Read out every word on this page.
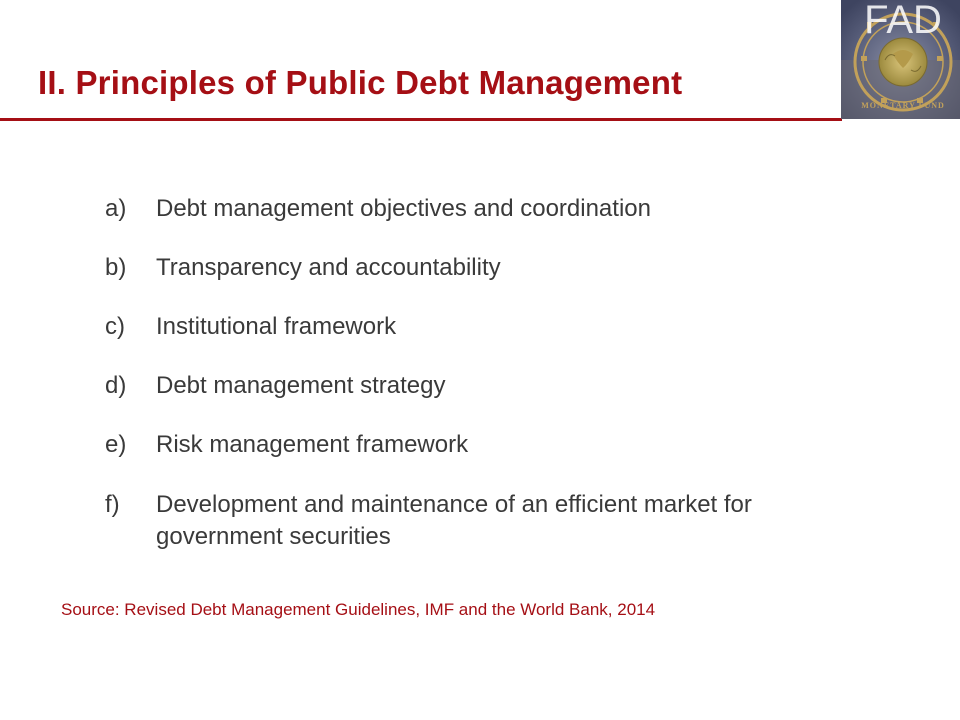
II. Principles of Public Debt Management
FAD
MONETARY FUND
a)	Debt management objectives and coordination
b)	Transparency and accountability
c)	Institutional framework
d)	Debt management strategy
e)	Risk management framework
f)	Development and maintenance of an efficient market for government securities

Source: Revised Debt Management Guidelines, IMF and the World Bank, 2014
